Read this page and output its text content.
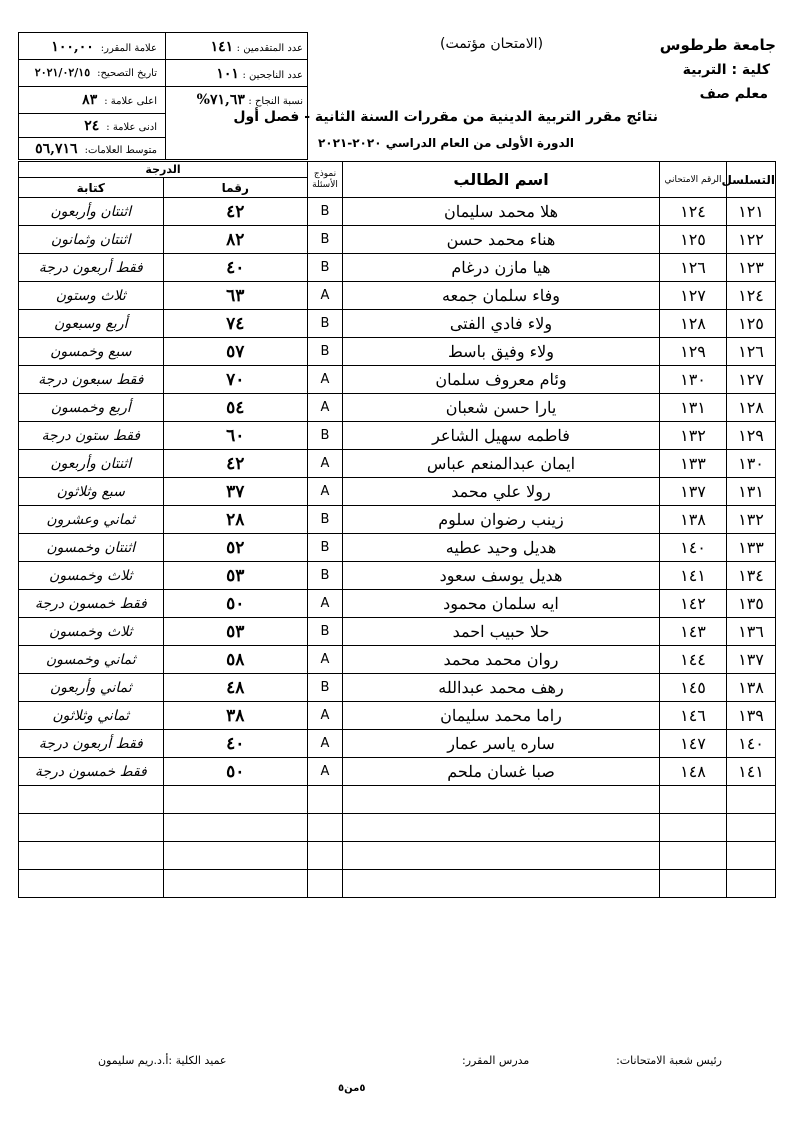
جامعة طرطوس
كلية : التربية
معلم صف
(الامتحان مؤتمت)
نتائج مقرر التربية الدينية من مقررات السنة الثانية - فصل أول
الدورة الأولى من العام الدراسي ٢٠٢٠-٢٠٢١
عدد المتقدمين : ١٤١
عدد الناجحين : ١٠١
نسبة النجاح : ٧١,٦٣%
علامة المقرر:  ١٠٠,٠٠
تاريخ التصحيح:  ٢٠٢١/٠٢/١٥
اعلى علامة :  ٨٣
ادنى علامة :  ٢٤
متوسط العلامات:  ٥٦,٧١٦
التسلسل	الرقم الامتحاني	اسم الطالب	نموذج الأسئلة	الدرجة	
				رقما	كتابة
١٢١	١٢٤	هلا محمد سليمان	B	٤٢	اثنتان وأربعون
١٢٢	١٢٥	هناء محمد حسن	B	٨٢	اثنتان وثمانون
١٢٣	١٢٦	هيا مازن درغام	B	٤٠	فقط أربعون درجة
١٢٤	١٢٧	وفاء سلمان جمعه	A	٦٣	ثلاث وستون
١٢٥	١٢٨	ولاء فادي الفتى	B	٧٤	أربع وسبعون
١٢٦	١٢٩	ولاء وفيق باسط	B	٥٧	سبع وخمسون
١٢٧	١٣٠	وئام معروف سلمان	A	٧٠	فقط سبعون درجة
١٢٨	١٣١	يارا حسن شعبان	A	٥٤	أربع وخمسون
١٢٩	١٣٢	فاطمه سهيل الشاعر	B	٦٠	فقط ستون درجة
١٣٠	١٣٣	ايمان عبدالمنعم عباس	A	٤٢	اثنتان وأربعون
١٣١	١٣٧	رولا علي محمد	A	٣٧	سبع وثلاثون
١٣٢	١٣٨	زينب رضوان سلوم	B	٢٨	ثماني وعشرون
١٣٣	١٤٠	هديل وحيد عطيه	B	٥٢	اثنتان وخمسون
١٣٤	١٤١	هديل يوسف سعود	B	٥٣	ثلاث وخمسون
١٣٥	١٤٢	ايه سلمان محمود	A	٥٠	فقط خمسون درجة
١٣٦	١٤٣	حلا حبيب احمد	B	٥٣	ثلاث وخمسون
١٣٧	١٤٤	روان محمد محمد	A	٥٨	ثماني وخمسون
١٣٨	١٤٥	رهف محمد عبدالله	B	٤٨	ثماني وأربعون
١٣٩	١٤٦	راما محمد سليمان	A	٣٨	ثماني وثلاثون
١٤٠	١٤٧	ساره ياسر عمار	A	٤٠	فقط أربعون درجة
١٤١	١٤٨	صبا غسان ملحم	A	٥٠	فقط خمسون درجة

رئيس شعبة الامتحانات:
مدرس المقرر:
عميد الكلية :أ.د.ريم سليمون
٥من٥
